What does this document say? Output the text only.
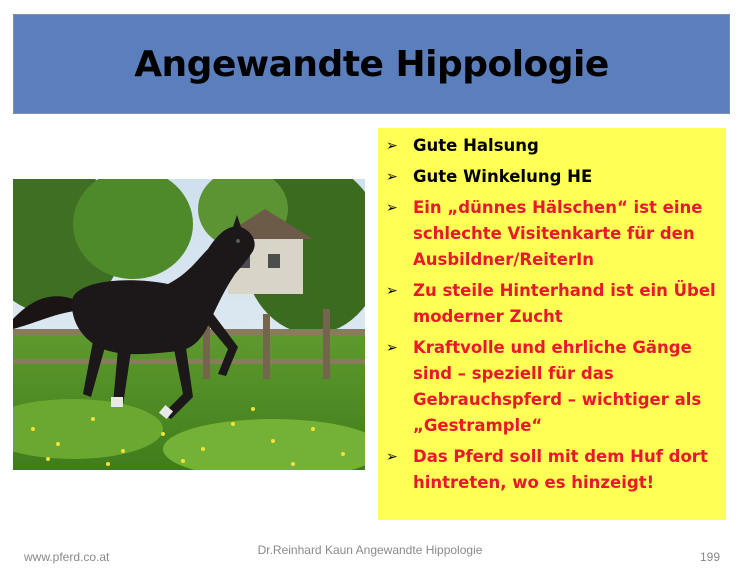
Angewandte Hippologie
➢ Gute Halsung
➢ Gute Winkelung HE
➢ Ein „dünnes Hälschen“ ist eine schlechte Visitenkarte für den Ausbildner/ReiterIn
➢ Zu steile Hinterhand ist ein Übel moderner Zucht
➢ Kraftvolle und ehrliche Gänge sind – speziell für das Gebrauchspferd – wichtiger als „Gestrample“
➢ Das Pferd soll mit dem Huf dort hintreten, wo es hinzeigt!
www.pferd.co.at	Dr.Reinhard Kaun Angewandte Hippologie	199
